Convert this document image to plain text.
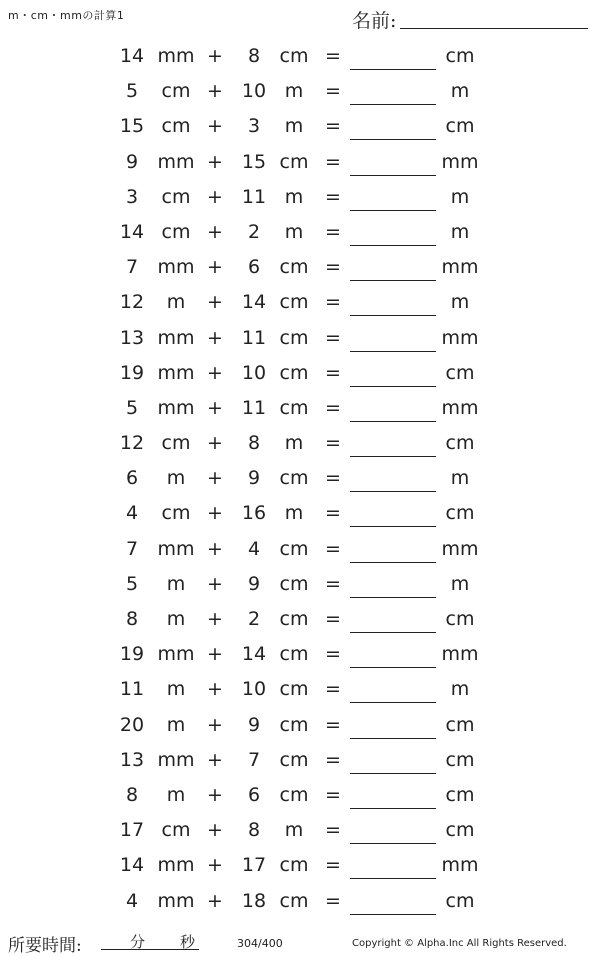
m・cm・mmの計算1	名前:
14 mm +	8	cm =	cm
5	cm + 10 m	=	m
15 cm +	3	m	=	cm
9	mm + 15 cm =	mm
3	cm + 11 m	=	m
14 cm +	2	m	=	m
7	mm +	6	cm =	mm
12	m	+ 14 cm =	m
13 mm + 11 cm =	mm
19 mm + 10 cm =	cm
5	mm + 11 cm =	mm
12 cm +	8	m	=	cm
6	m	+	9	cm =	m
4	cm + 16 m	=	cm
7	mm +	4	cm =	mm
5	m	+	9	cm =	m
8	m	+	2	cm =	cm
19 mm + 14 cm =	mm
11	m	+ 10 cm =	m
20	m	+	9	cm =	cm
13 mm +	7	cm =	cm
8	m	+	6	cm =	cm
17 cm +	8	m	=	cm
14 mm + 17 cm =	mm
4	mm + 18 cm =	cm
所要時間:	分 秒	304/400	Copyright © Alpha.Inc All Rights Reserved.
